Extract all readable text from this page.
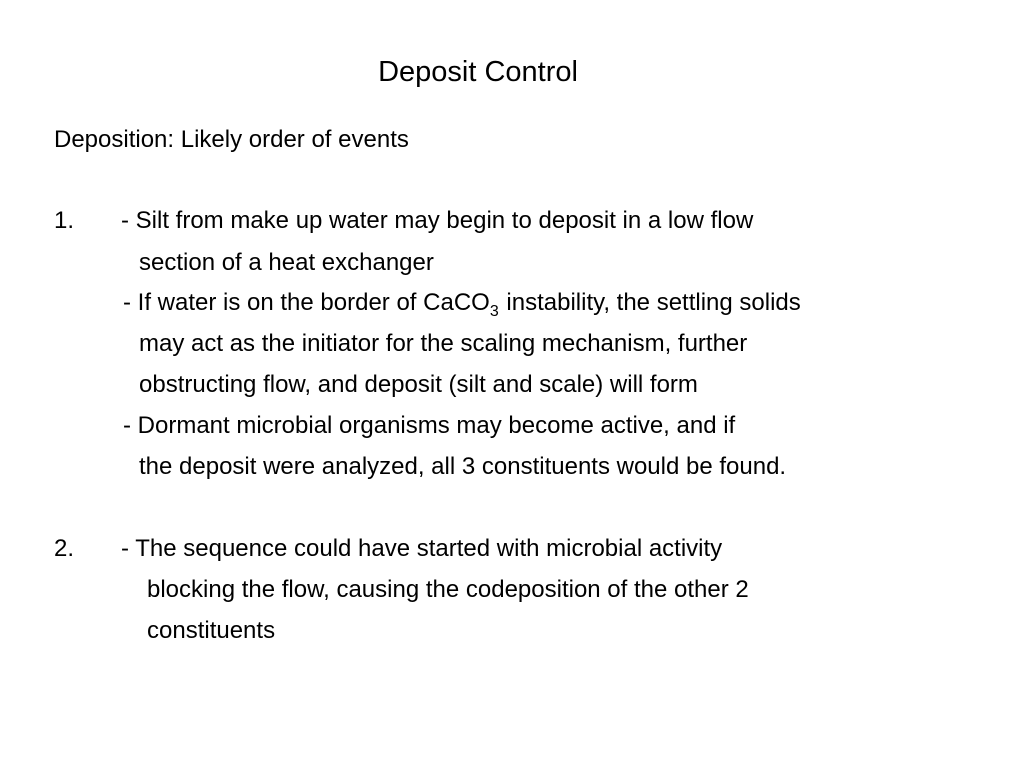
Deposit Control
Deposition: Likely order of events
1. - Silt from make up water may begin to deposit in a low flow
section of a heat exchanger
- If water is on the border of CaCO$_3$ instability, the settling solids
may act as the initiator for the scaling mechanism, further
obstructing flow, and deposit (silt and scale) will form
- Dormant microbial organisms may become active, and if
the deposit were analyzed, all 3 constituents would be found.
2. - The sequence could have started with microbial activity
blocking the flow, causing the codeposition of the other 2
constituents
